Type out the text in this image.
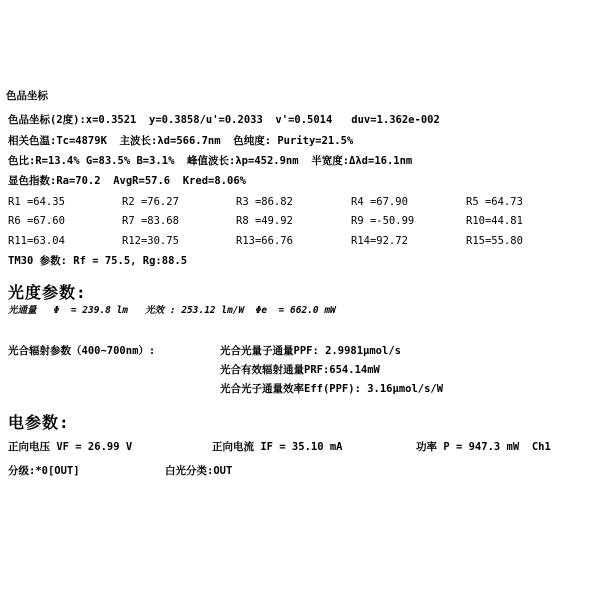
色品坐标
色品坐标(2度):x=0.3521  y=0.3858/u'=0.2033  v'=0.5014   duv=1.362e-002
相关色温:Tc=4879K  主波长:λd=566.7nm  色纯度: Purity=21.5%
色比:R=13.4% G=83.5% B=3.1%  峰值波长:λp=452.9nm  半宽度:Δλd=16.1nm
显色指数:Ra=70.2  AvgR=57.6  Kred=8.06%
R1 =64.35	R2 =76.27	R3 =86.82	R4 =67.90	R5 =64.73
R6 =67.60	R7 =83.68	R8 =49.92	R9 =-50.99	R10=44.81
R11=63.04	R12=30.75	R13=66.76	R14=92.72	R15=55.80
TM30 参数: Rf = 75.5, Rg:88.5
光度参数:
光通量   Φ  = 239.8 lm   光效 : 253.12 lm/W  Φe  = 662.0 mW
光合辐射参数（400~700nm）:	光合光量子通量PPF: 2.9981μmol/s
光合有效辐射通量PRF:654.14mW
光合光子通量效率Eff(PPF): 3.16μmol/s/W
电参数:
正向电压 VF = 26.99 V	正向电流 IF = 35.10 mA	功率 P = 947.3 mW  Ch1
分级:*0[OUT]	白光分类:OUT
